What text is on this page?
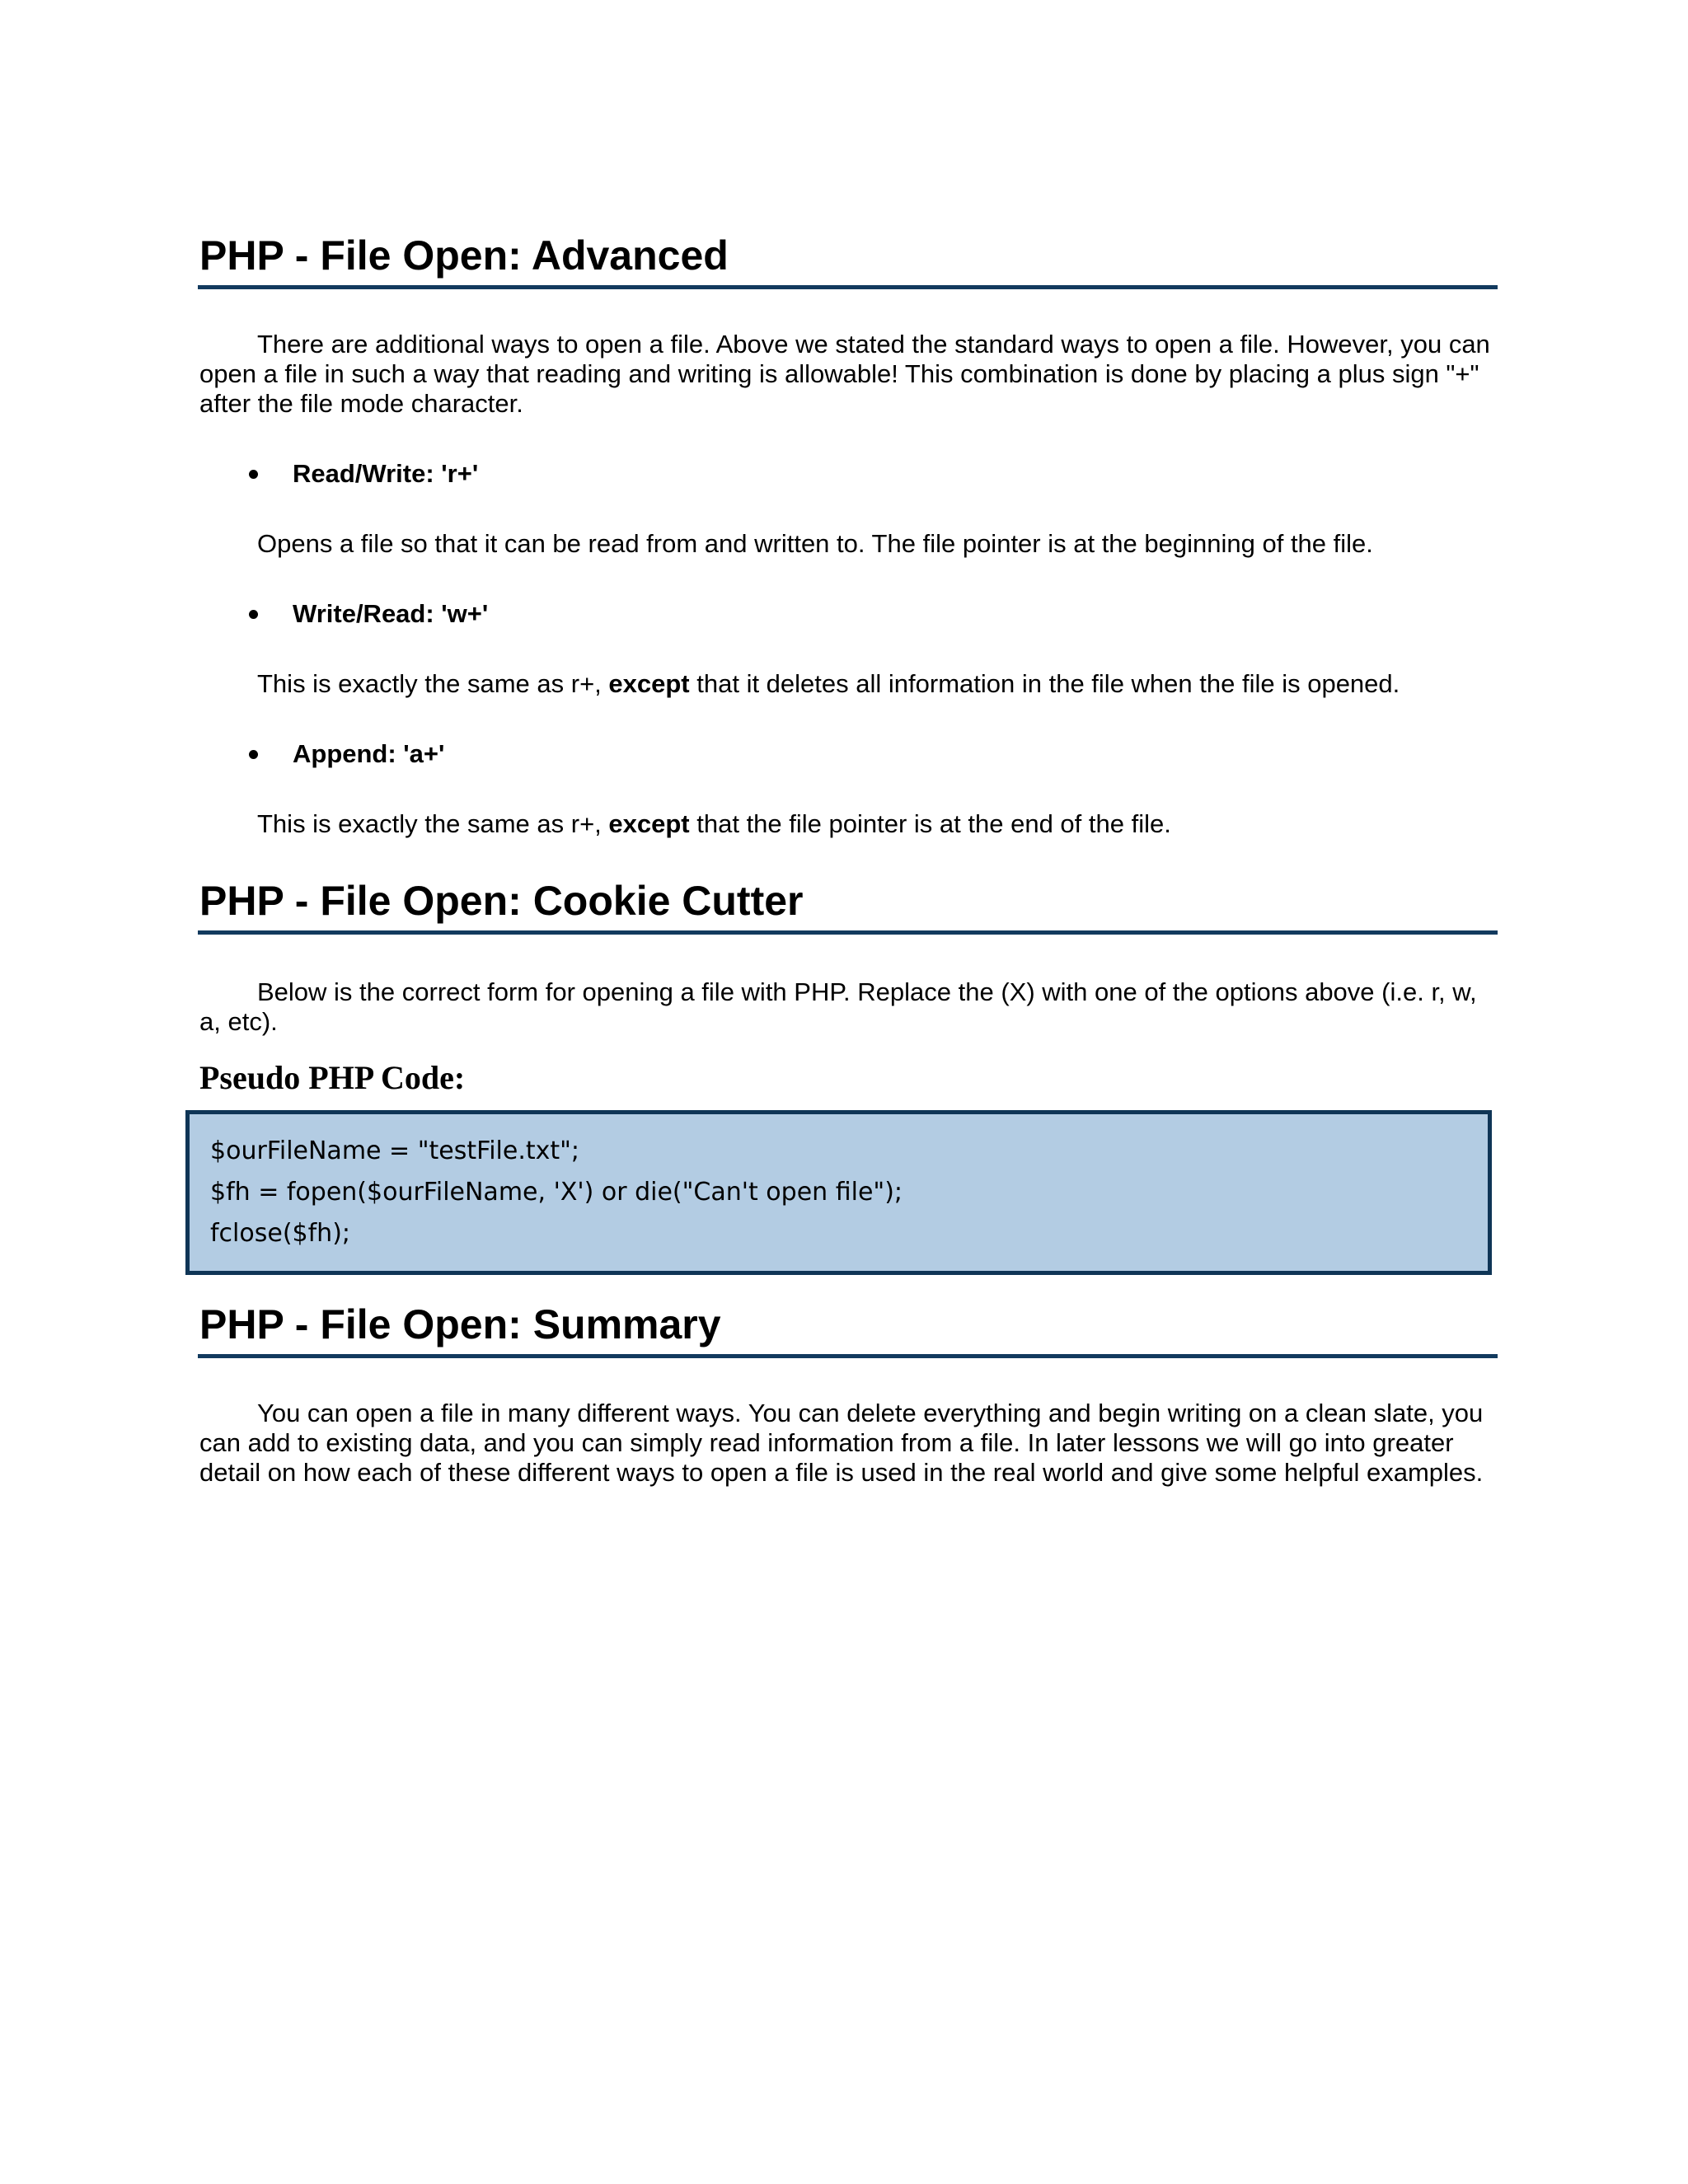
PHP - File Open: Advanced

There are additional ways to open a file. Above we stated the standard ways to open a file. However, you can open a file in such a way that reading and writing is allowable! This combination is done by placing a plus sign "+" after the file mode character.

Read/Write: 'r+'
Opens a file so that it can be read from and written to. The file pointer is at the beginning of the file.
Write/Read: 'w+'
This is exactly the same as r+, except that it deletes all information in the file when the file is opened.
Append: 'a+'
This is exactly the same as r+, except that the file pointer is at the end of the file.
PHP - File Open: Cookie Cutter

Below is the correct form for opening a file with PHP. Replace the (X) with one of the options above (i.e. r, w, a, etc).

Pseudo PHP Code:
$ourFileName = "testFile.txt";
$fh = fopen($ourFileName, 'X') or die("Can't open file");
fclose($fh);
PHP - File Open: Summary

You can open a file in many different ways. You can delete everything and begin writing on a clean slate, you can add to existing data, and you can simply read information from a file. In later lessons we will go into greater detail on how each of these different ways to open a file is used in the real world and give some helpful examples.
